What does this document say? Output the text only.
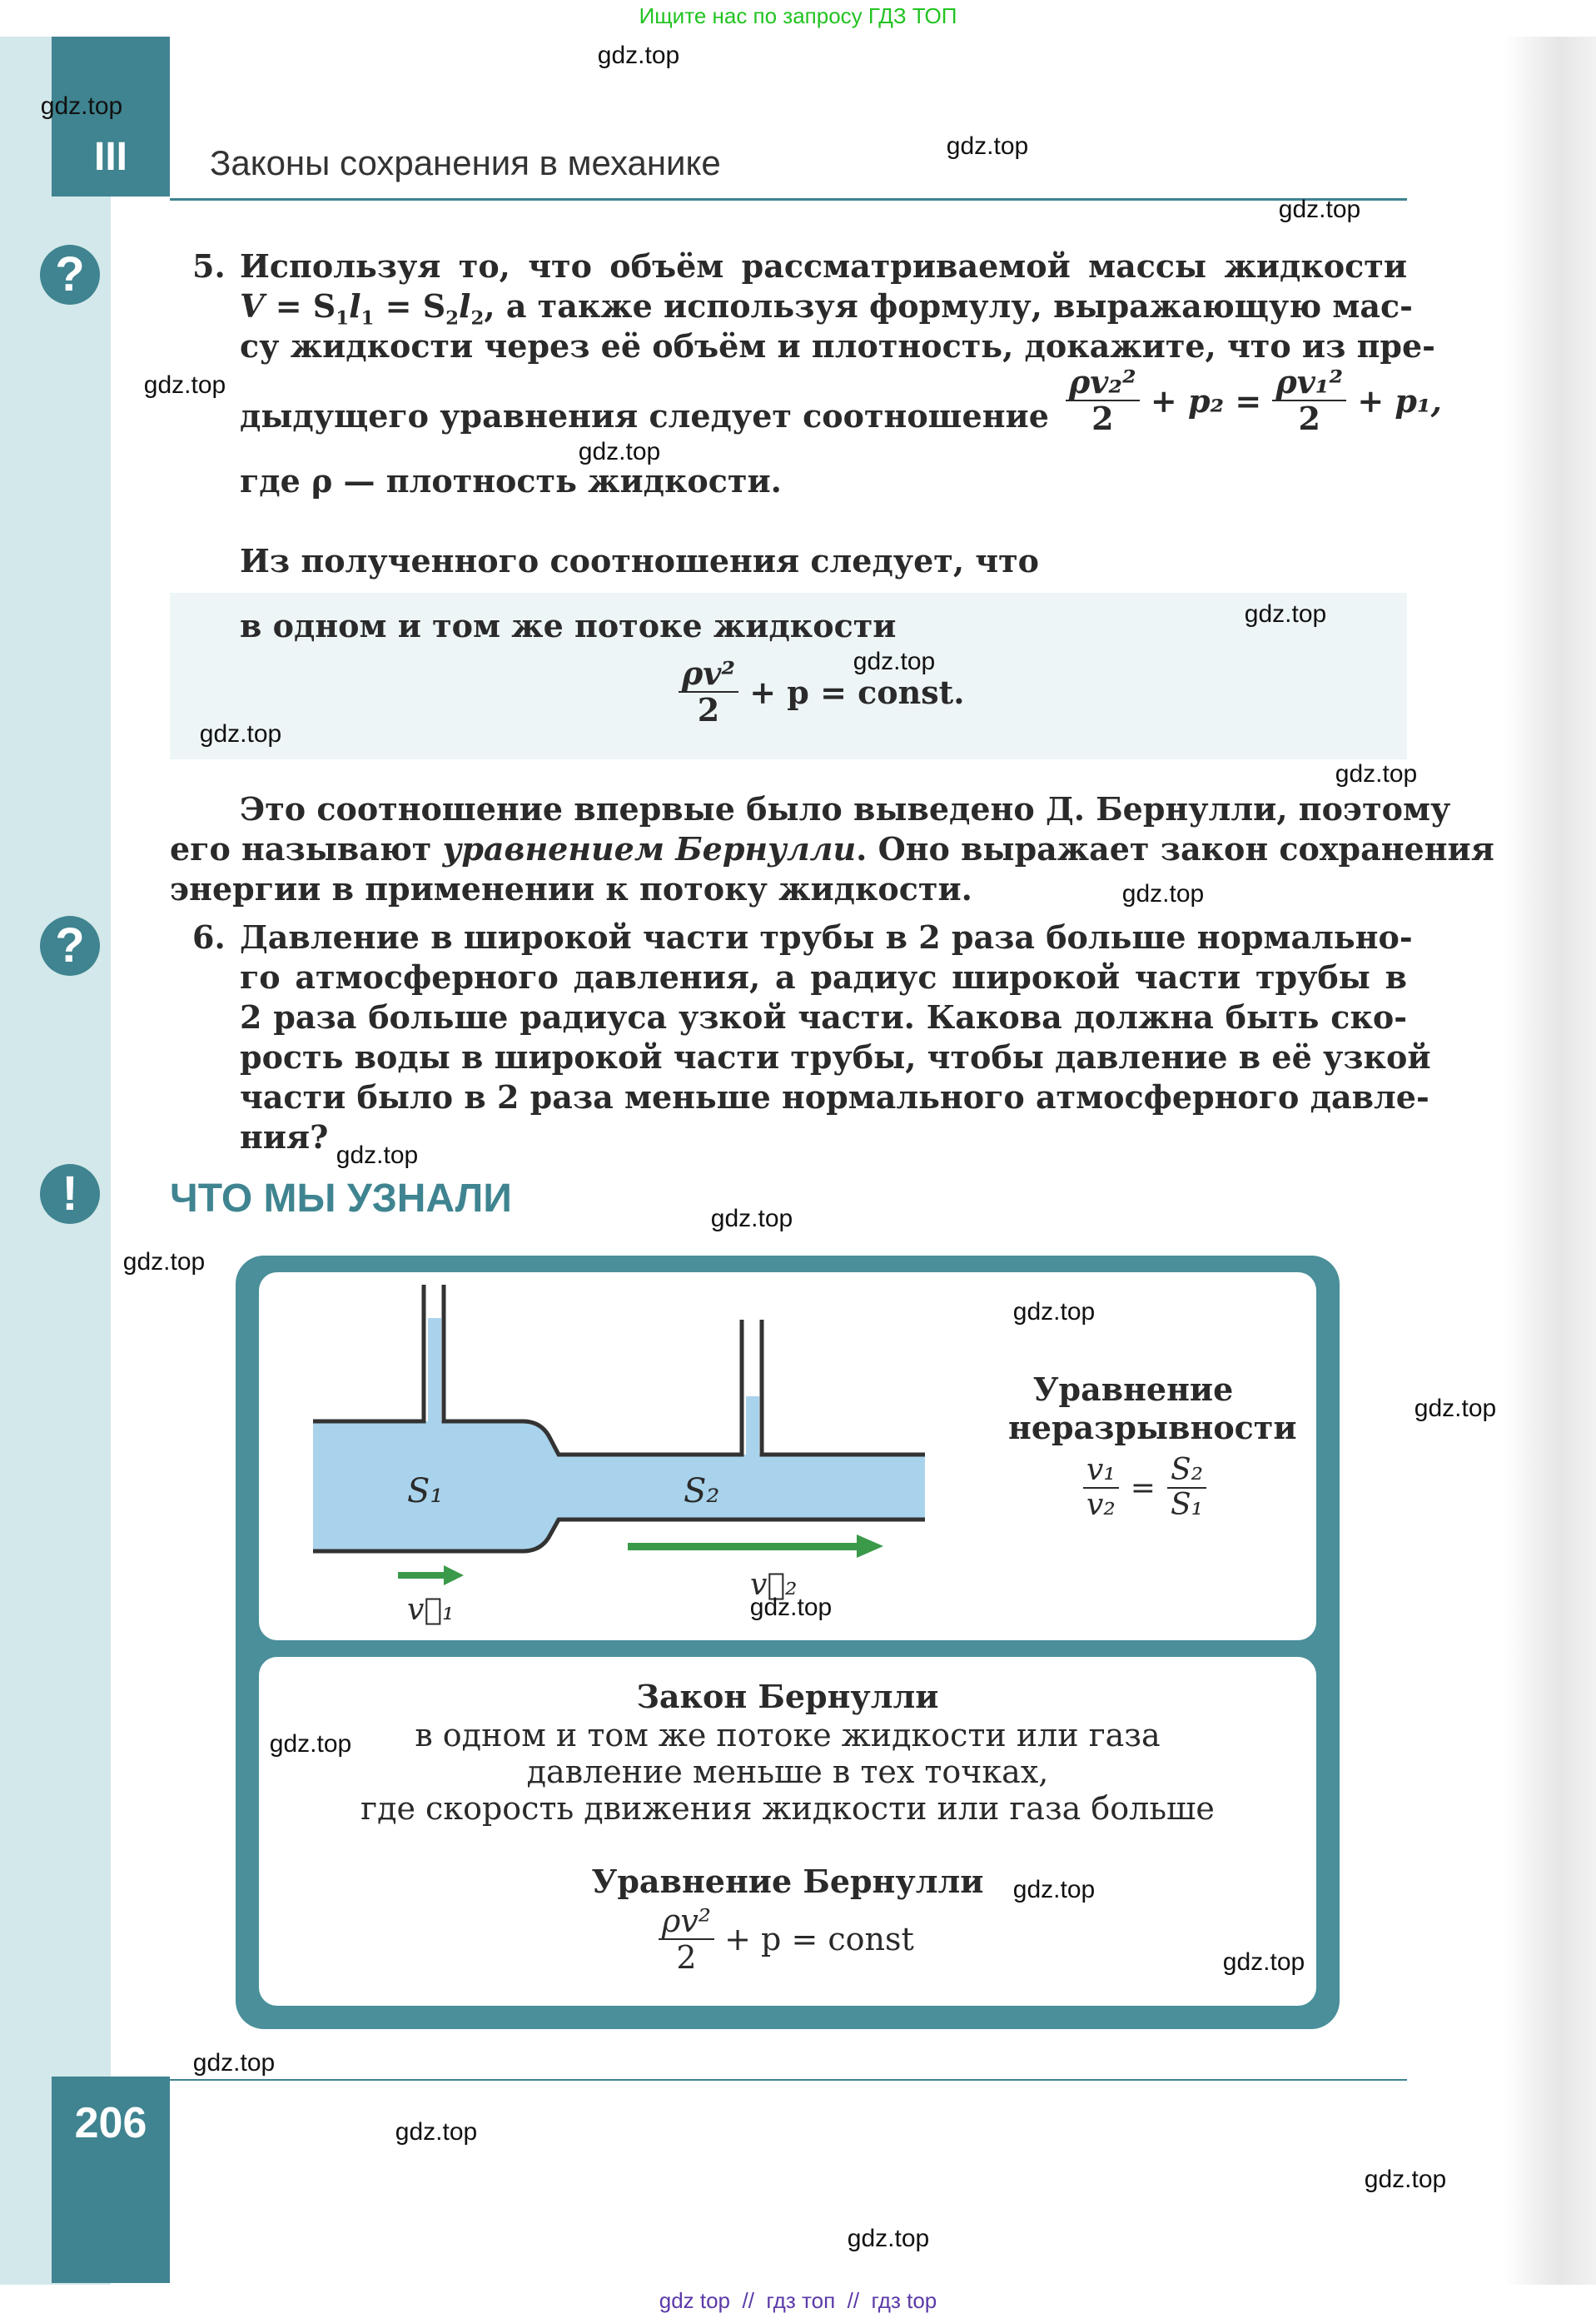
Ищите нас по запросу ГДЗ ТОП
III	Законы сохранения в механике
?
?
!
5. Используя то, что объём рассматриваемой массы жидкости
$V = S_1l_1 = S_2l_2$, а также используя формулу, выражающую мас-
су жидкости через её объём и плотность, докажите, что из пре-
дыдущего уравнения следует соотношение $\frac{\text{ρv₂²}}{2} + p_2 = \frac{\text{ρv₁²}}{2} + p_1$,
где ρ — плотность жидкости.
Из полученного соотношения следует, что
в одном и том же потоке жидкости
$\frac{\text{ρv²}}{2} + p$ = const.
Это соотношение впервые было выведено Д. Бернулли, поэтому
его называют уравнением Бернулли. Оно выражает закон сохранения
энергии в применении к потоку жидкости.
6. Давление в широкой части трубы в 2 раза больше нормально-
го атмосферного давления, а радиус широкой части трубы в
2 раза больше радиуса узкой части. Какова должна быть ско-
рость воды в широкой части трубы, чтобы давление в её узкой
части было в 2 раза меньше нормального атмосферного давле-
ния?
ЧТО МЫ УЗНАЛИ
S₁	S₂
v⃗₁
v⃗₂
Уравнение
неразрывности
$\frac{\text{v₁}}{\text{v₂}} = \frac{\text{S₂}}{\text{S₁}}$
Закон Бернулли
в одном и том же потоке жидкости или газа
давление меньше в тех точках,
где скорость движения жидкости или газа больше
Уравнение Бернулли
$\frac{\text{ρv²}}{2} + p$ = const
206
gdz.top
gdz.top
gdz.top
gdz.top
gdz.top
gdz.top
gdz.top
gdz.top
gdz.top
gdz.top
gdz.top
gdz.top
gdz.top
gdz.top
gdz.top
gdz.top
gdz.top
gdz.top
gdz.top
gdz.top
gdz.top
gdz.top
gdz.top
gdz.top
gdz top  //  гдз топ  //  гдз top
